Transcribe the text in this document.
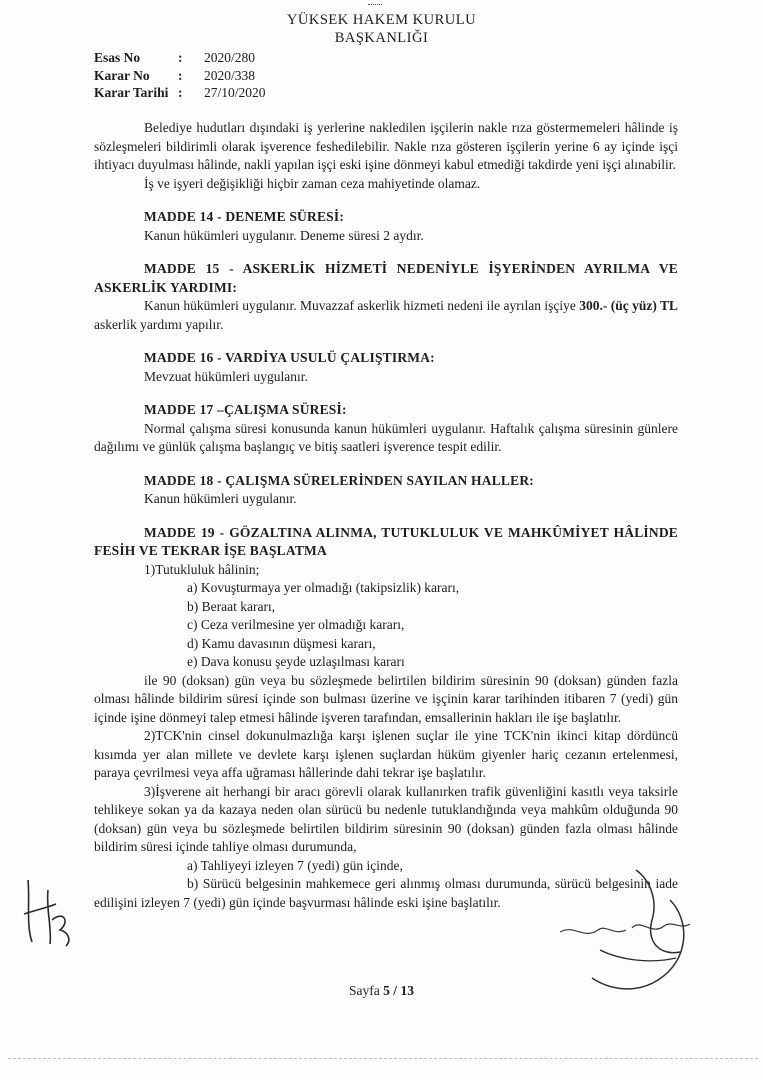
YÜKSEK HAKEM KURULU
BAŞKANLIĞI
Esas No	:	2020/280
Karar No	:	2020/338
Karar Tarihi :	27/10/2020

Belediye hudutları dışındaki iş yerlerine nakledilen işçilerin nakle rıza göstermemeleri hâlinde iş sözleşmeleri bildirimli olarak işverence feshedilebilir. Nakle rıza gösteren işçilerin yerine 6 ay içinde işçi ihtiyacı duyulması hâlinde, nakli yapılan işçi eski işine dönmeyi kabul etmediği takdirde yeni işçi alınabilir.

İş ve işyeri değişikliği hiçbir zaman ceza mahiyetinde olamaz.

MADDE 14 - DENEME SÜRESİ:

Kanun hükümleri uygulanır. Deneme süresi 2 aydır.

MADDE 15 - ASKERLİK HİZMETİ NEDENİYLE İŞYERİNDEN AYRILMA VE ASKERLİK YARDIMI:

Kanun hükümleri uygulanır. Muvazzaf askerlik hizmeti nedeni ile ayrılan işçiye 300.- (üç yüz) TL askerlik yardımı yapılır.

MADDE 16 - VARDİYA USULÜ ÇALIŞTIRMA:

Mevzuat hükümleri uygulanır.

MADDE 17 –ÇALIŞMA SÜRESİ:

Normal çalışma süresi konusunda kanun hükümleri uygulanır. Haftalık çalışma süresinin günlere dağılımı ve günlük çalışma başlangıç ve bitiş saatleri işverence tespit edilir.

MADDE 18 - ÇALIŞMA SÜRELERİNDEN SAYILAN HALLER:

Kanun hükümleri uygulanır.

MADDE 19 - GÖZALTINA ALINMA, TUTUKLULUK VE MAHKÛMİYET HÂLİNDE FESİH VE TEKRAR İŞE BAŞLATMA

1)Tutukluluk hâlinin;

a) Kovuşturmaya yer olmadığı (takipsizlik) kararı,

b) Beraat kararı,

c) Ceza verilmesine yer olmadığı kararı,

d) Kamu davasının düşmesi kararı,

e) Dava konusu şeyde uzlaşılması kararı

ile 90 (doksan) gün veya bu sözleşmede belirtilen bildirim süresinin 90 (doksan) günden fazla olması hâlinde bildirim süresi içinde son bulması üzerine ve işçinin karar tarihinden itibaren 7 (yedi) gün içinde işine dönmeyi talep etmesi hâlinde işveren tarafından, emsallerinin hakları ile işe başlatılır.

2)TCK'nin cinsel dokunulmazlığa karşı işlenen suçlar ile yine TCK'nin ikinci kitap dördüncü kısımda yer alan millete ve devlete karşı işlenen suçlardan hüküm giyenler hariç cezanın ertelenmesi, paraya çevrilmesi veya affa uğraması hâllerinde dahi tekrar işe başlatılır.

3)İşverene ait herhangi bir aracı görevli olarak kullanırken trafik güvenliğini kasıtlı veya taksirle tehlikeye sokan ya da kazaya neden olan sürücü bu nedenle tutuklandığında veya mahkûm olduğunda 90 (doksan) gün veya bu sözleşmede belirtilen bildirim süresinin 90 (doksan) günden fazla olması hâlinde bildirim süresi içinde tahliye olması durumunda,

a) Tahliyeyi izleyen 7 (yedi) gün içinde,

b) Sürücü belgesinin mahkemece geri alınmış olması durumunda, sürücü belgesinin iade edilişini izleyen 7 (yedi) gün içinde başvurması hâlinde eski işine başlatılır.

Sayfa 5 / 13
